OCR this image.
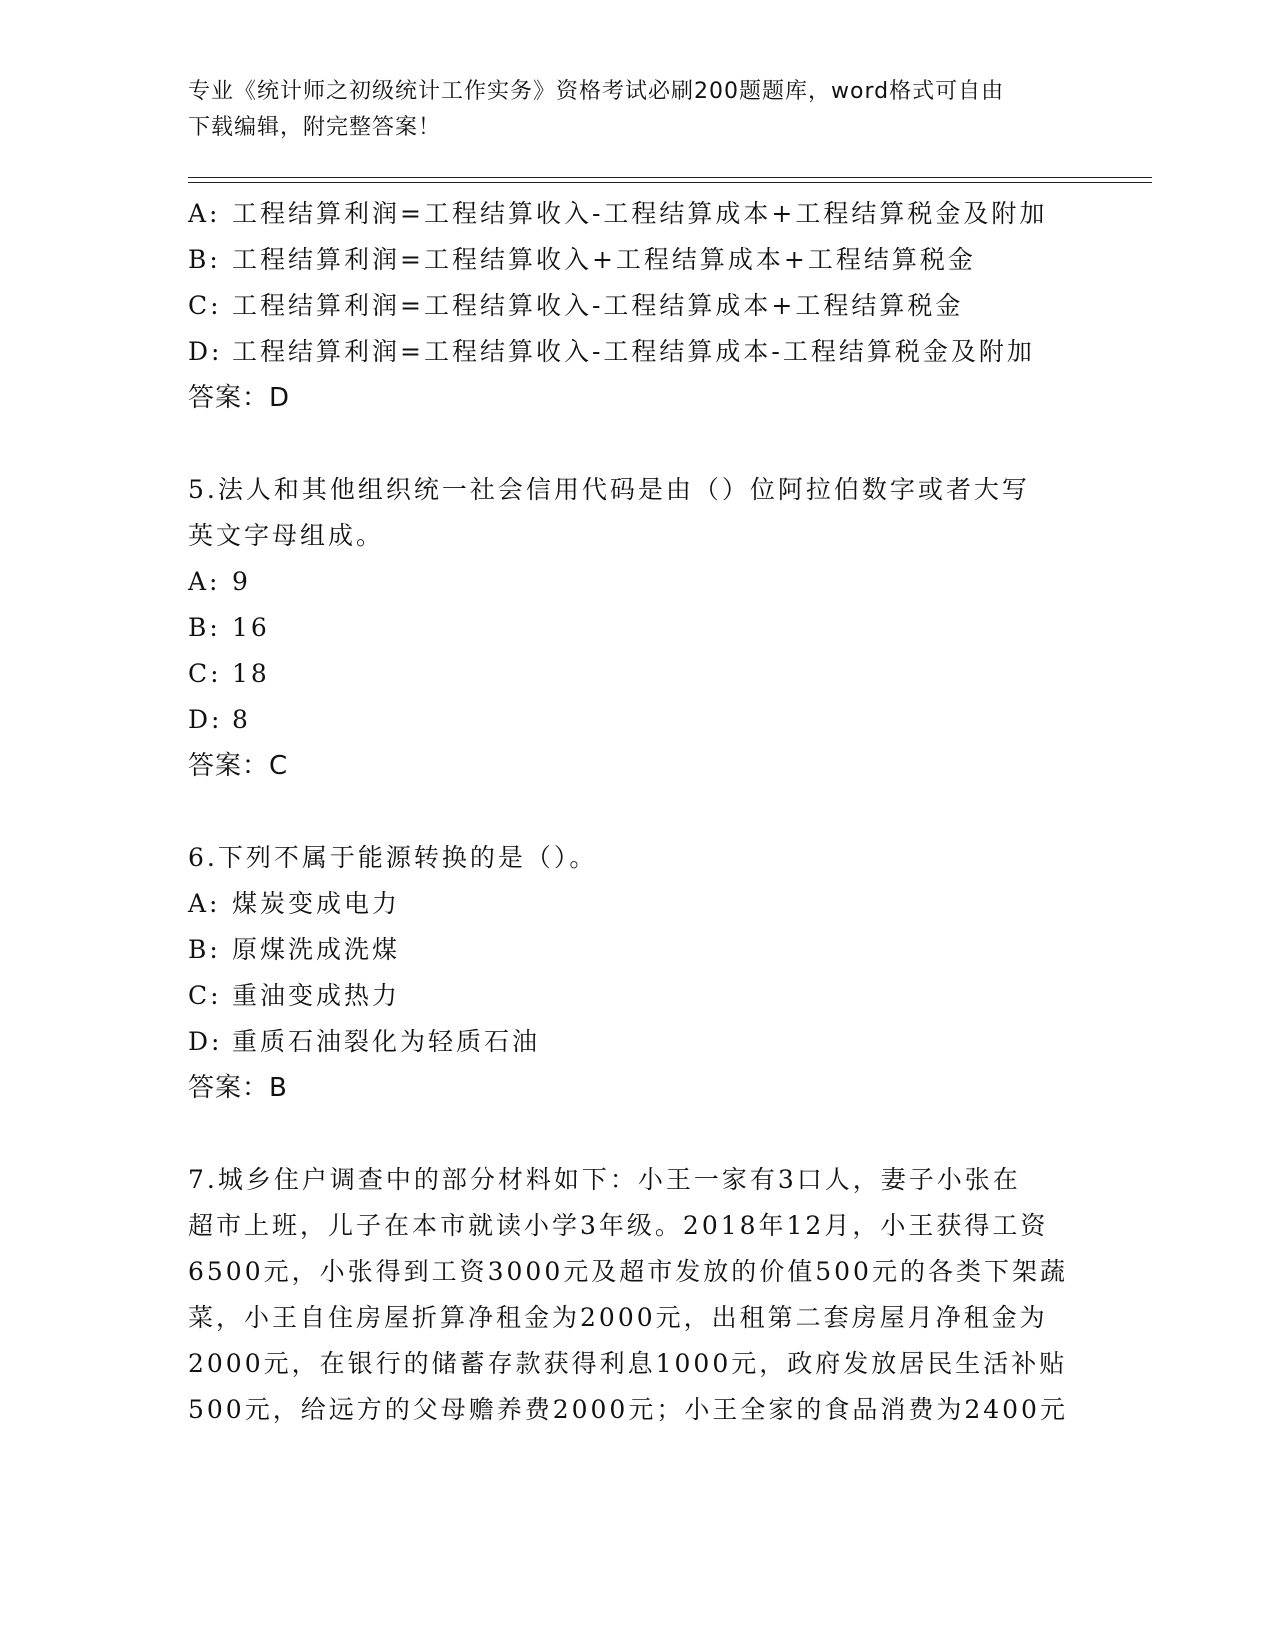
专业《统计师之初级统计工作实务》资格考试必刷200题题库，word格式可自由
下载编辑，附完整答案！
A: 工程结算利润=工程结算收入-工程结算成本+工程结算税金及附加
B: 工程结算利润=工程结算收入+工程结算成本+工程结算税金
C: 工程结算利润=工程结算收入-工程结算成本+工程结算税金
D: 工程结算利润=工程结算收入-工程结算成本-工程结算税金及附加
答案：D
5.法人和其他组织统一社会信用代码是由（）位阿拉伯数字或者大写
英文字母组成。
A: 9
B: 16
C: 18
D: 8
答案：C
6.下列不属于能源转换的是（）。
A: 煤炭变成电力
B: 原煤洗成洗煤
C: 重油变成热力
D: 重质石油裂化为轻质石油
答案：B
7.城乡住户调查中的部分材料如下：小王一家有3口人，妻子小张在
超市上班，儿子在本市就读小学3年级。2018年12月，小王获得工资
6500元，小张得到工资3000元及超市发放的价值500元的各类下架蔬
菜，小王自住房屋折算净租金为2000元，出租第二套房屋月净租金为
2000元，在银行的储蓄存款获得利息1000元，政府发放居民生活补贴
500元，给远方的父母赡养费2000元；小王全家的食品消费为2400元
